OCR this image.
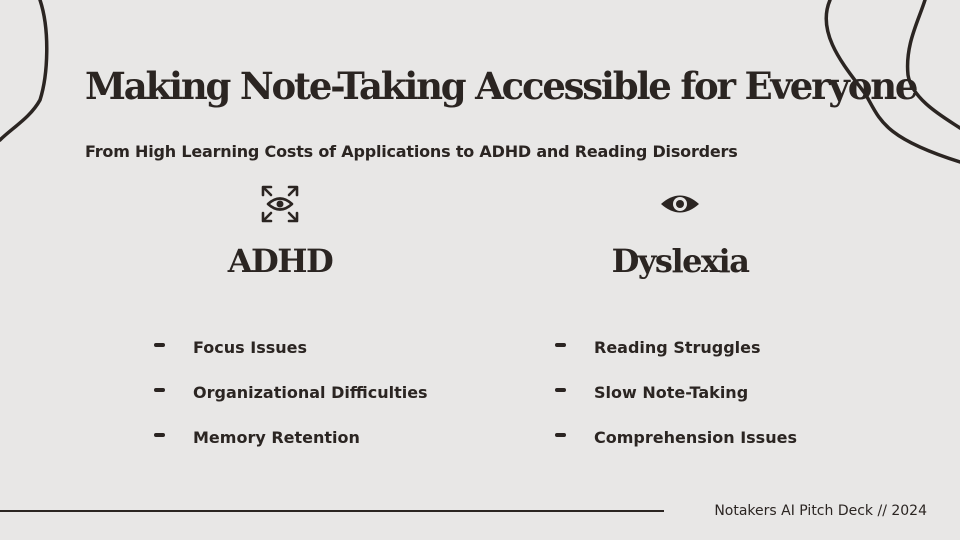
Making Note-Taking Accessible for Everyone
From High Learning Costs of Applications to ADHD and Reading Disorders
ADHD	Dyslexia
Focus Issues
Organizational Difficulties
Memory Retention
Reading Struggles
Slow Note-Taking
Comprehension Issues
Notakers AI Pitch Deck // 2024
